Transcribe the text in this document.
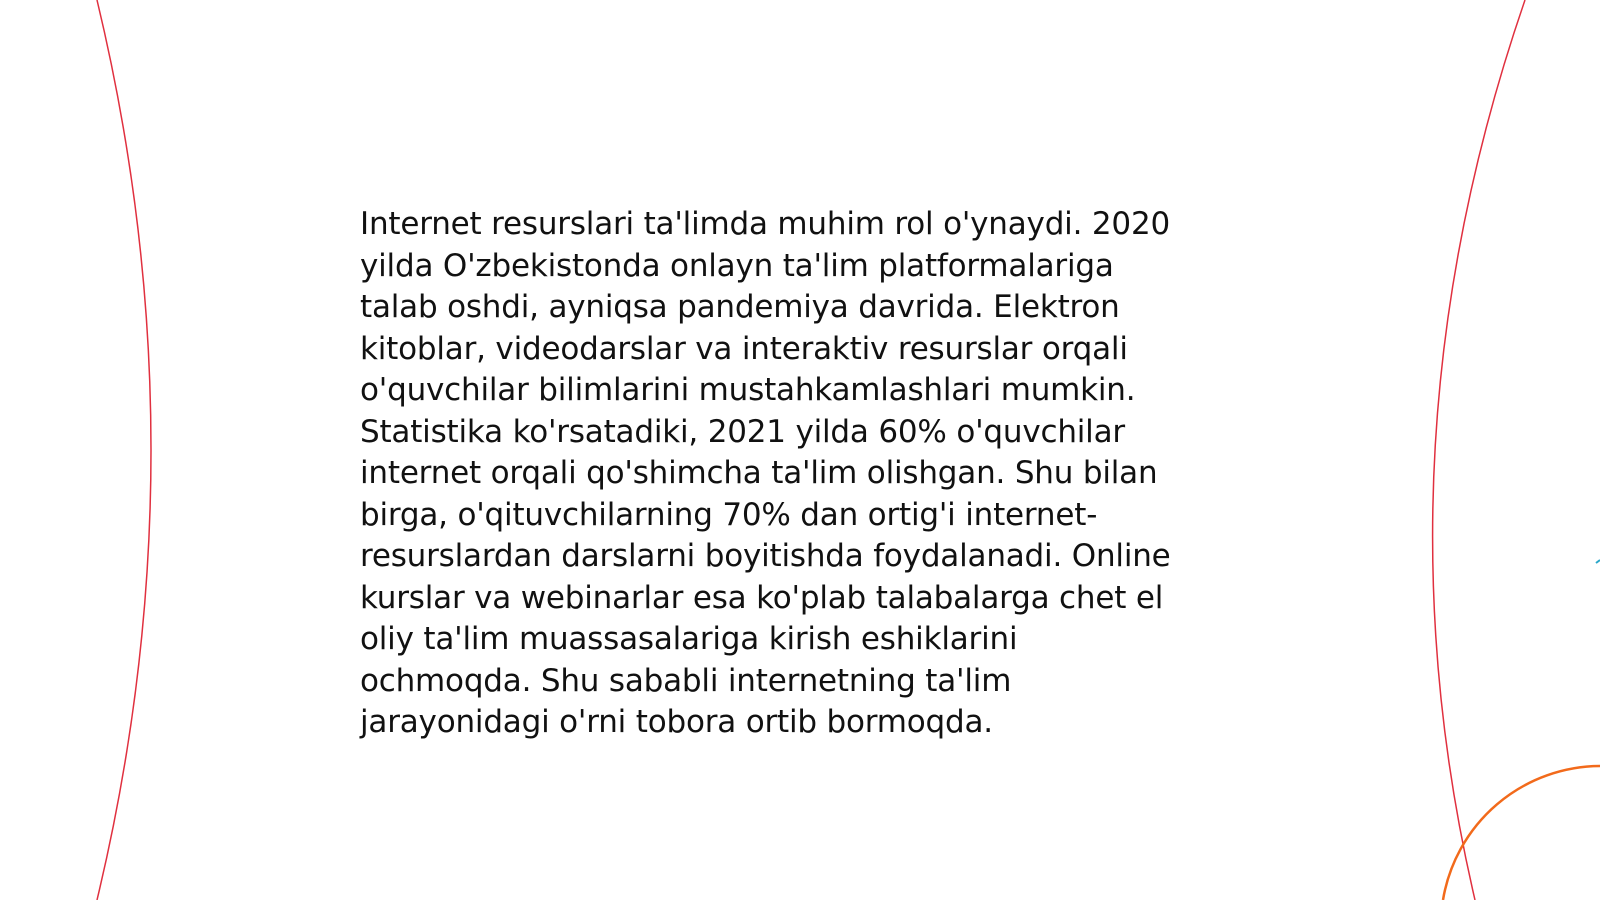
Internet resurslari ta'limda muhim rol o'ynaydi. 2020
yilda O'zbekistonda onlayn ta'lim platformalariga
talab oshdi, ayniqsa pandemiya davrida. Elektron
kitoblar, videodarslar va interaktiv resurslar orqali
o'quvchilar bilimlarini mustahkamlashlari mumkin.
Statistika ko'rsatadiki, 2021 yilda 60% o'quvchilar
internet orqali qo'shimcha ta'lim olishgan. Shu bilan
birga, o'qituvchilarning 70% dan ortig'i internet-
resurslardan darslarni boyitishda foydalanadi. Online
kurslar va webinarlar esa ko'plab talabalarga chet el
oliy ta'lim muassasalariga kirish eshiklarini
ochmoqda. Shu sababli internetning ta'lim
jarayonidagi o'rni tobora ortib bormoqda.
